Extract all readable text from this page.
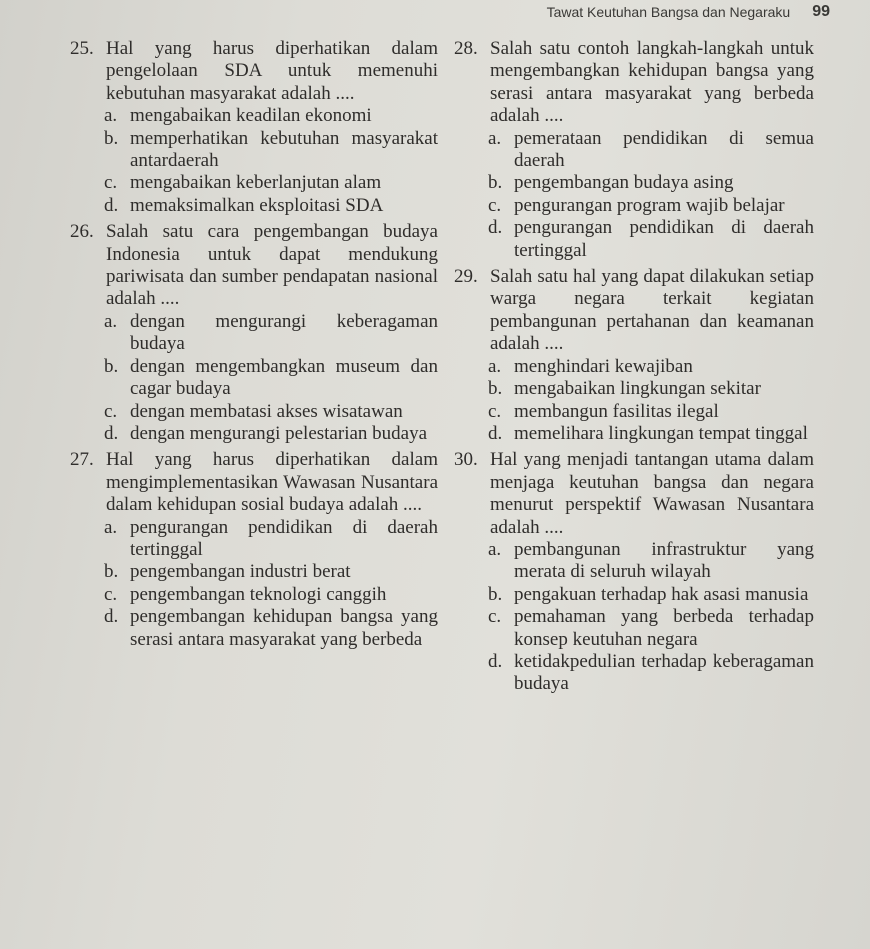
Tawat Keutuhan Bangsa dan Negaraku 99
25. Hal yang harus diperhatikan dalam pengelolaan SDA untuk memenuhi kebutuhan masyarakat adalah ....
a. mengabaikan keadilan ekonomi
b. memperhatikan kebutuhan masyarakat antardaerah
c. mengabaikan keberlanjutan alam
d. memaksimalkan eksploitasi SDA
26. Salah satu cara pengembangan budaya Indonesia untuk dapat mendukung pariwisata dan sumber pendapatan nasional adalah ....
a. dengan mengurangi keberagaman budaya
b. dengan mengembangkan museum dan cagar budaya
c. dengan membatasi akses wisatawan
d. dengan mengurangi pelestarian budaya
27. Hal yang harus diperhatikan dalam mengimplementasikan Wawasan Nusantara dalam kehidupan sosial budaya adalah ....
a. pengurangan pendidikan di daerah tertinggal
b. pengembangan industri berat
c. pengembangan teknologi canggih
d. pengembangan kehidupan bangsa yang serasi antara masyarakat yang berbeda
28. Salah satu contoh langkah-langkah untuk mengembangkan kehidupan bangsa yang serasi antara masyarakat yang berbeda adalah ....
a. pemerataan pendidikan di semua daerah
b. pengembangan budaya asing
c. pengurangan program wajib belajar
d. pengurangan pendidikan di daerah tertinggal
29. Salah satu hal yang dapat dilakukan setiap warga negara terkait kegiatan pembangunan pertahanan dan keamanan adalah ....
a. menghindari kewajiban
b. mengabaikan lingkungan sekitar
c. membangun fasilitas ilegal
d. memelihara lingkungan tempat tinggal
30. Hal yang menjadi tantangan utama dalam menjaga keutuhan bangsa dan negara menurut perspektif Wawasan Nusantara adalah ....
a. pembangunan infrastruktur yang merata di seluruh wilayah
b. pengakuan terhadap hak asasi manusia
c. pemahaman yang berbeda terhadap konsep keutuhan negara
d. ketidakpedulian terhadap keberagaman budaya
